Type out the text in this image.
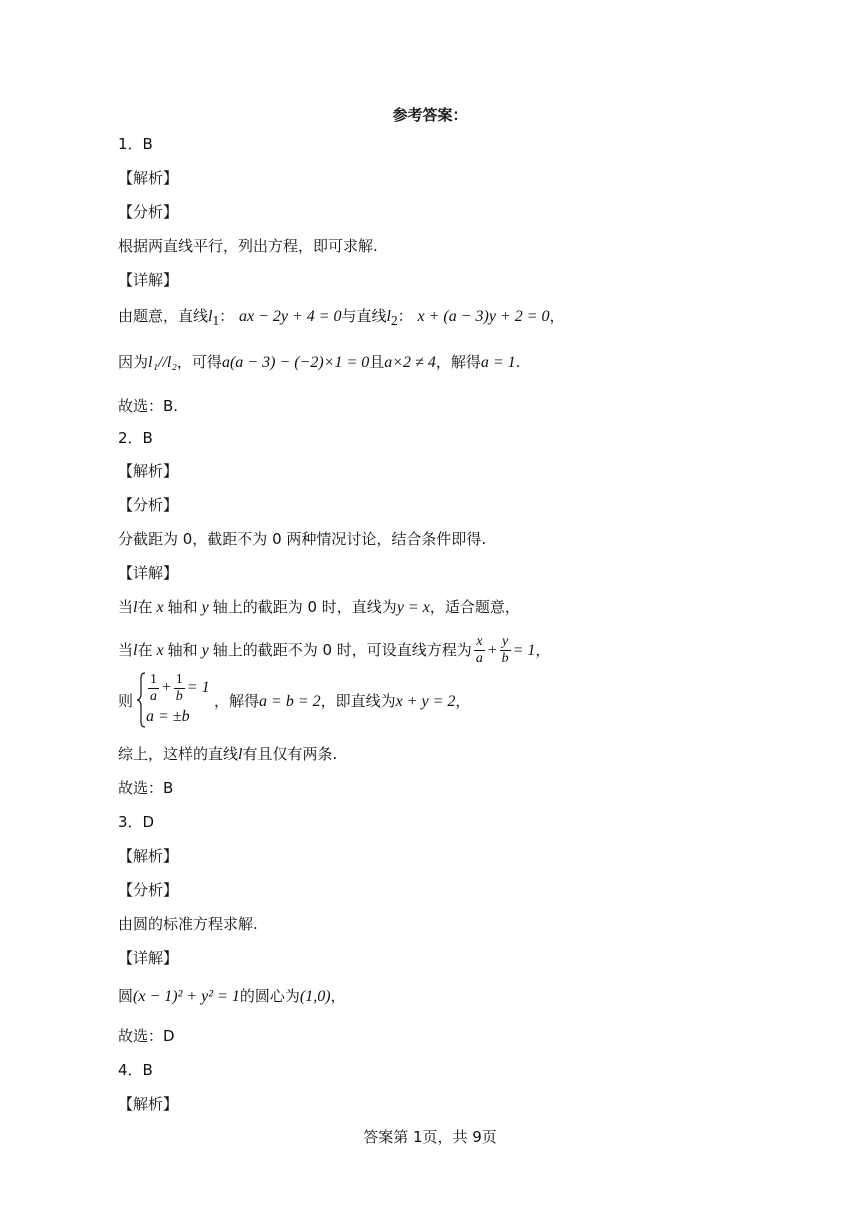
参考答案：
1．B
【解析】
【分析】
根据两直线平行，列出方程，即可求解.
【详解】
由题意，直线$l_1$： ax − 2y + 4 = 0与直线$l_2$： x + (a − 3)y + 2 = 0，
因为l₁//l₂，可得a(a − 3) − (−2)×1 = 0且a×2 ≠ 4，解得a = 1.
故选：B.
2．B
【解析】
【分析】
分截距为 0，截距不为 0 两种情况讨论，结合条件即得.
【详解】
当l在 x 轴和 y 轴上的截距为 0 时，直线为y = x，适合题意，
当l在 x 轴和 y 轴上的截距不为 0 时，可设直线方程为 $\frac{x}{a} + \frac{y}{b} = 1$，
则 $\frac{1}{a} + \frac{1}{b} = 1$
a = ±b
，解得a = b = 2，即直线为x + y = 2，
综上，这样的直线l有且仅有两条.
故选：B
3．D
【解析】
【分析】
由圆的标准方程求解.
【详解】
圆(x − 1)² + y² = 1的圆心为(1,0)，
故选：D
4．B
【解析】
答案第 1页，共 9页
